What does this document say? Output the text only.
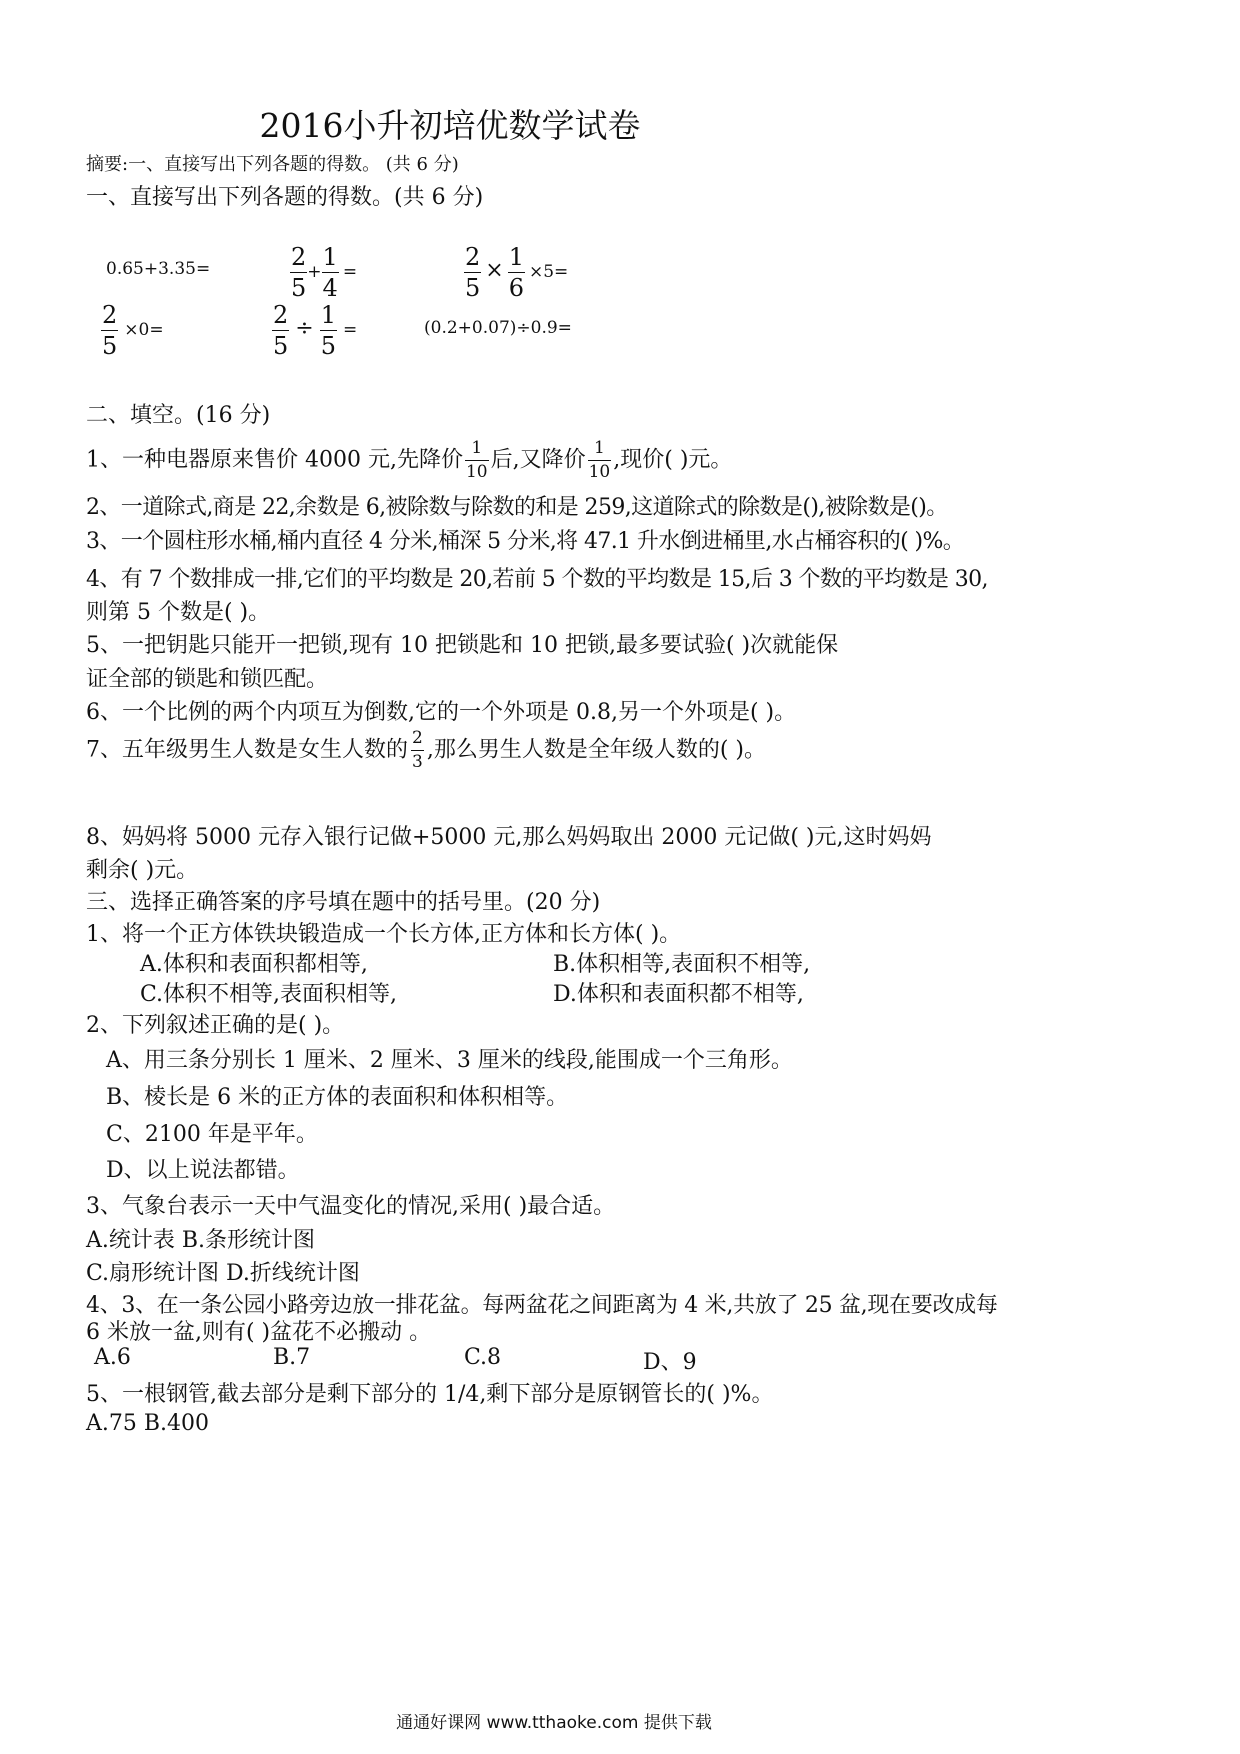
2016小升初培优数学试卷
摘要:一、直接写出下列各题的得数。 (共 6 分)
一、直接写出下列各题的得数。(共 6 分)
0.65+3.35=	$\frac{2}{5} + \frac{1}{4}$ =	$\frac{2}{5} \times \frac{1}{6} \times 5=$
$\frac{2}{5} \times 0=$	$\frac{2}{5} \div \frac{1}{5}$ =	(0.2+0.07)÷0.9=
二、填空。(16 分)
1、一种电器原来售价 4000 元,先降价 $\frac{1}{10}$ 后,又降价 $\frac{1}{10}$ ,现价( )元。
2、一道除式,商是 22,余数是 6,被除数与除数的和是 259,这道除式的除数是(),被除数是()。
3、一个圆柱形水桶,桶内直径 4 分米,桶深 5 分米,将 47.1 升水倒进桶里,水占桶容积的( )%。
4、有 7 个数排成一排,它们的平均数是 20,若前 5 个数的平均数是 15,后 3 个数的平均数是 30,
则第 5 个数是( )。
5、一把钥匙只能开一把锁,现有 10 把锁匙和 10 把锁,最多要试验( )次就能保
证全部的锁匙和锁匹配。
6、一个比例的两个内项互为倒数,它的一个外项是 0.8,另一个外项是( )。
7、五年级男生人数是女生人数的 $\frac{2}{3}$ ,那么男生人数是全年级人数的( )。
8、妈妈将 5000 元存入银行记做+5000 元,那么妈妈取出 2000 元记做( )元,这时妈妈
剩余( )元。
三、选择正确答案的序号填在题中的括号里。(20 分)
1、将一个正方体铁块锻造成一个长方体,正方体和长方体( )。
A.体积和表面积都相等,	B.体积相等,表面积不相等,
C.体积不相等,表面积相等,	D.体积和表面积都不相等,
2、下列叙述正确的是( )。
A、用三条分别长 1 厘米、2 厘米、3 厘米的线段,能围成一个三角形。
B、棱长是 6 米的正方体的表面积和体积相等。
C、2100 年是平年。
D、以上说法都错。
3、气象台表示一天中气温变化的情况,采用( )最合适。
A.统计表 B.条形统计图
C.扇形统计图 D.折线统计图
4、3、在一条公园小路旁边放一排花盆。每两盆花之间距离为 4 米,共放了 25 盆,现在要改成每
6 米放一盆,则有( )盆花不必搬动 。
A.6	B.7	C.8	D、9
5、一根钢管,截去部分是剩下部分的 1/4,剩下部分是原钢管长的( )%。
A.75 B.400
通通好课网 www.tthaoke.com 提供下载
